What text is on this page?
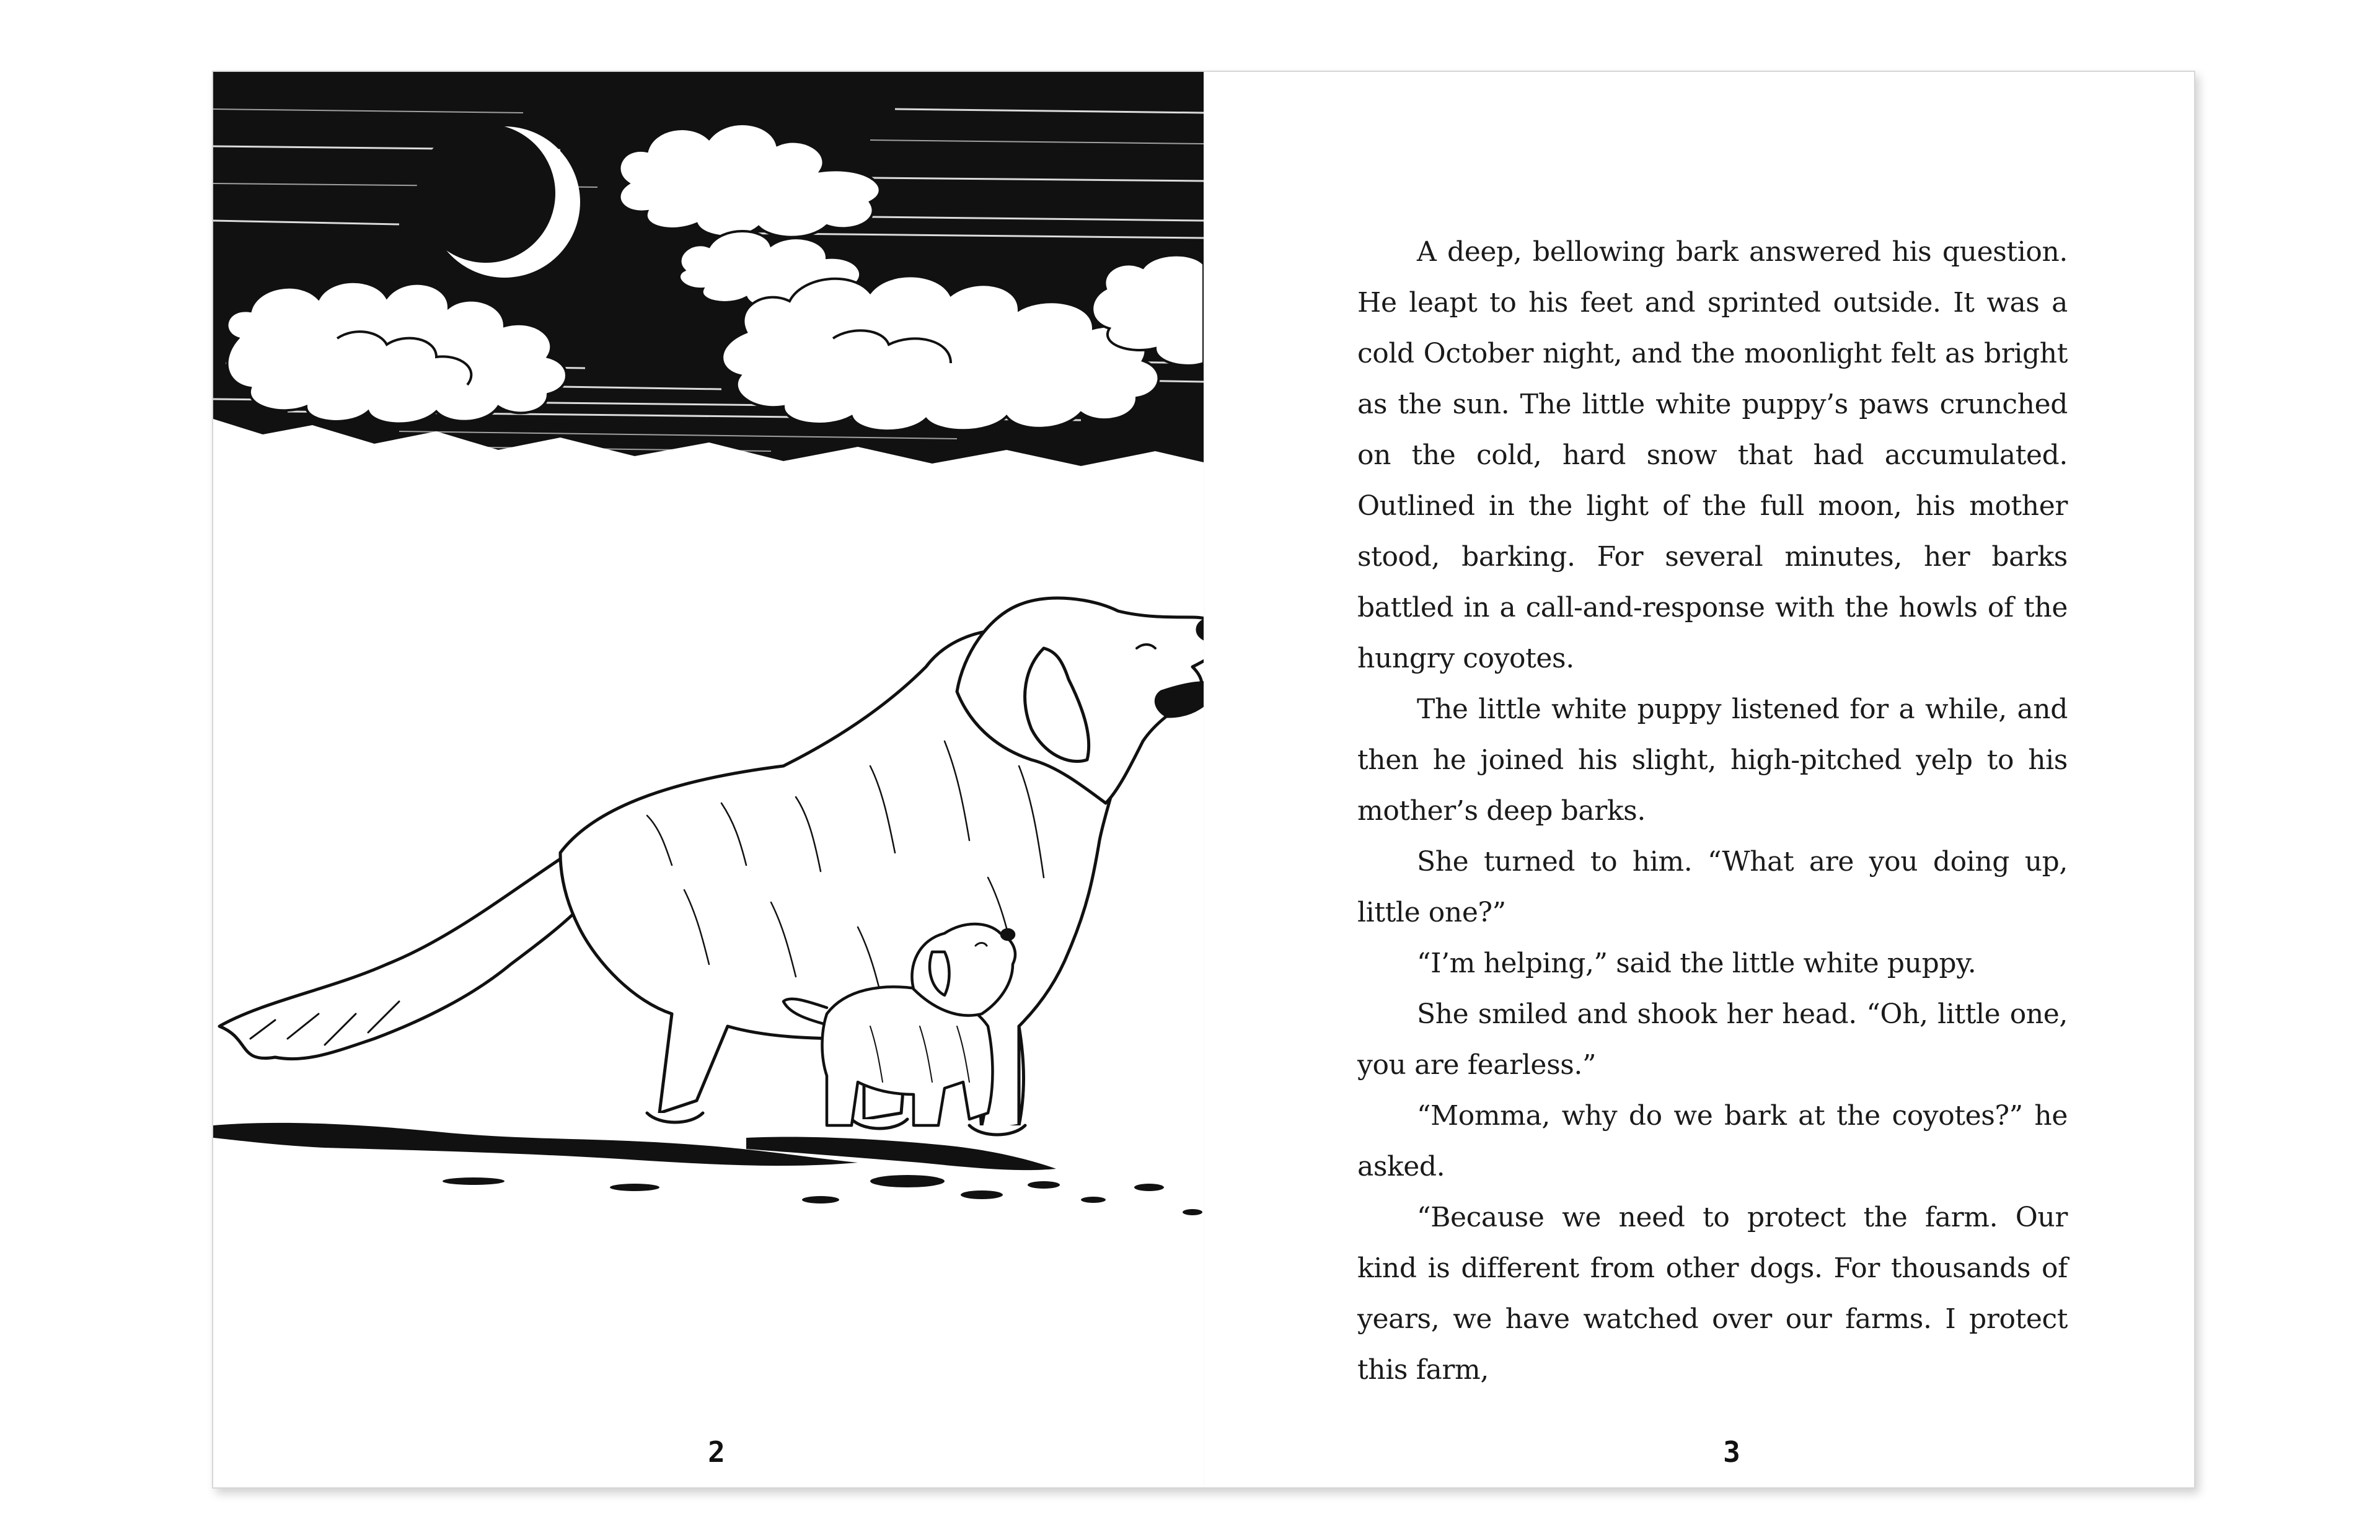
A deep, bellowing bark answered his question. He leapt to his feet and sprinted outside. It was a cold October night, and the moonlight felt as bright as the sun. The little white puppy’s paws crunched on the cold, hard snow that had accumulated. Outlined in the light of the full moon, his mother stood, barking. For several minutes, her barks battled in a call-and-response with the howls of the hungry coyotes.

The little white puppy listened for a while, and then he joined his slight, high-pitched yelp to his mother’s deep barks.

She turned to him. “What are you doing up, little one?”

“I’m helping,” said the little white puppy.

She smiled and shook her head. “Oh, little one, you are fearless.”

“Momma, why do we bark at the coyotes?” he asked.

“Because we need to protect the farm. Our kind is different from other dogs. For thousands of years, we have watched over our farms. I protect this farm,

2	3
